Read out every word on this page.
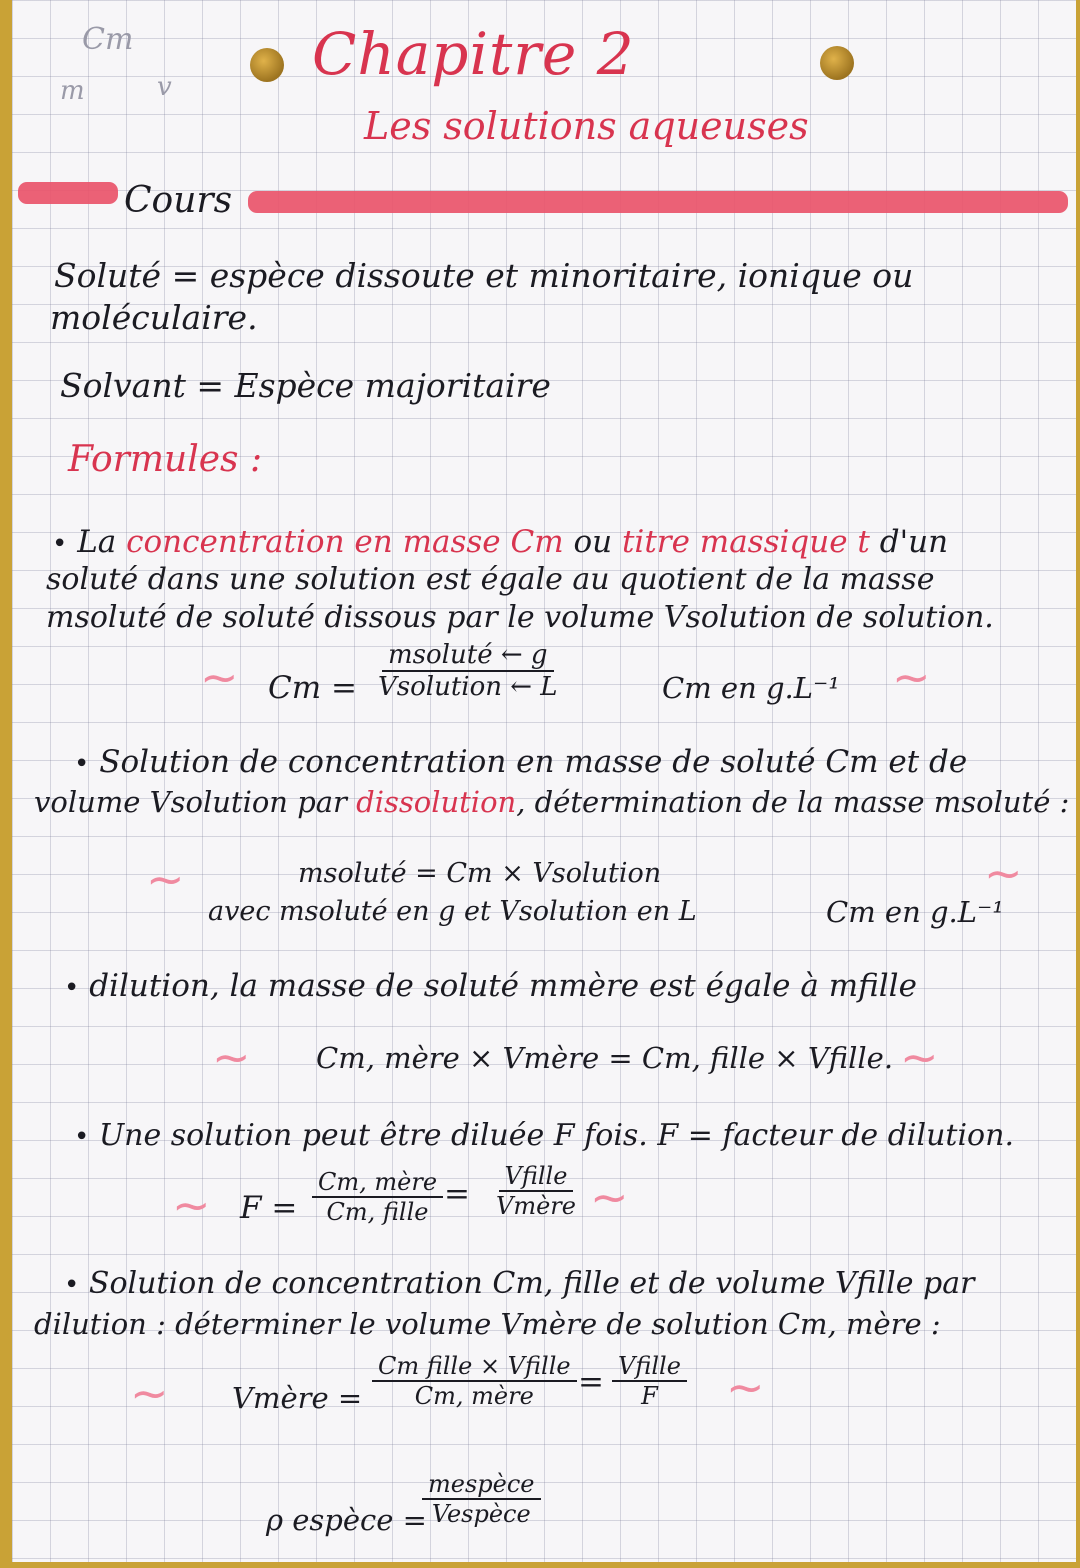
Cm
m	v Chapitre 2
Les solutions aqueuses
Cours
Soluté = espèce dissoute et minoritaire, ionique ou
moléculaire.
Solvant = Espèce majoritaire
Formules :
• La concentration en masse Cm ou titre massique t d'un
soluté dans une solution est égale au quotient de la masse
msoluté de soluté dissous par le volume Vsolution de solution.
~ $Cm = \frac{\text{msoluté ← g}}{\text{Vsolution ← L}}$	Cm en g.L⁻¹ ~
• Solution de concentration en masse de soluté Cm et de
volume Vsolution par dissolution, détermination de la masse msoluté :
~	msoluté = Cm × Vsolution
avec msoluté en g et Vsolution en L	Cm en g.L⁻¹
~
• dilution, la masse de soluté mmère est égale à mfille
~ Cm, mère × Vmère = Cm, fille × Vfille. ~
• Une solution peut être diluée F fois. F = facteur de dilution.
~ $F = \frac{\text{Cm, mère}}{\text{Cm, fille}} = \frac{\text{Vfille}}{\text{Vmère}}$ ~
• Solution de concentration Cm, fille et de volume Vfille par
dilution : déterminer le volume Vmère de solution Cm, mère :
~ Vmère = $\frac{\text{Cm fille × Vfille}}{\text{Cm, mère}} = \frac{\text{Vfille}}{F}$ ~
ρ espèce =
$\frac{\text{mespèce}}{\text{Vespèce}}$
